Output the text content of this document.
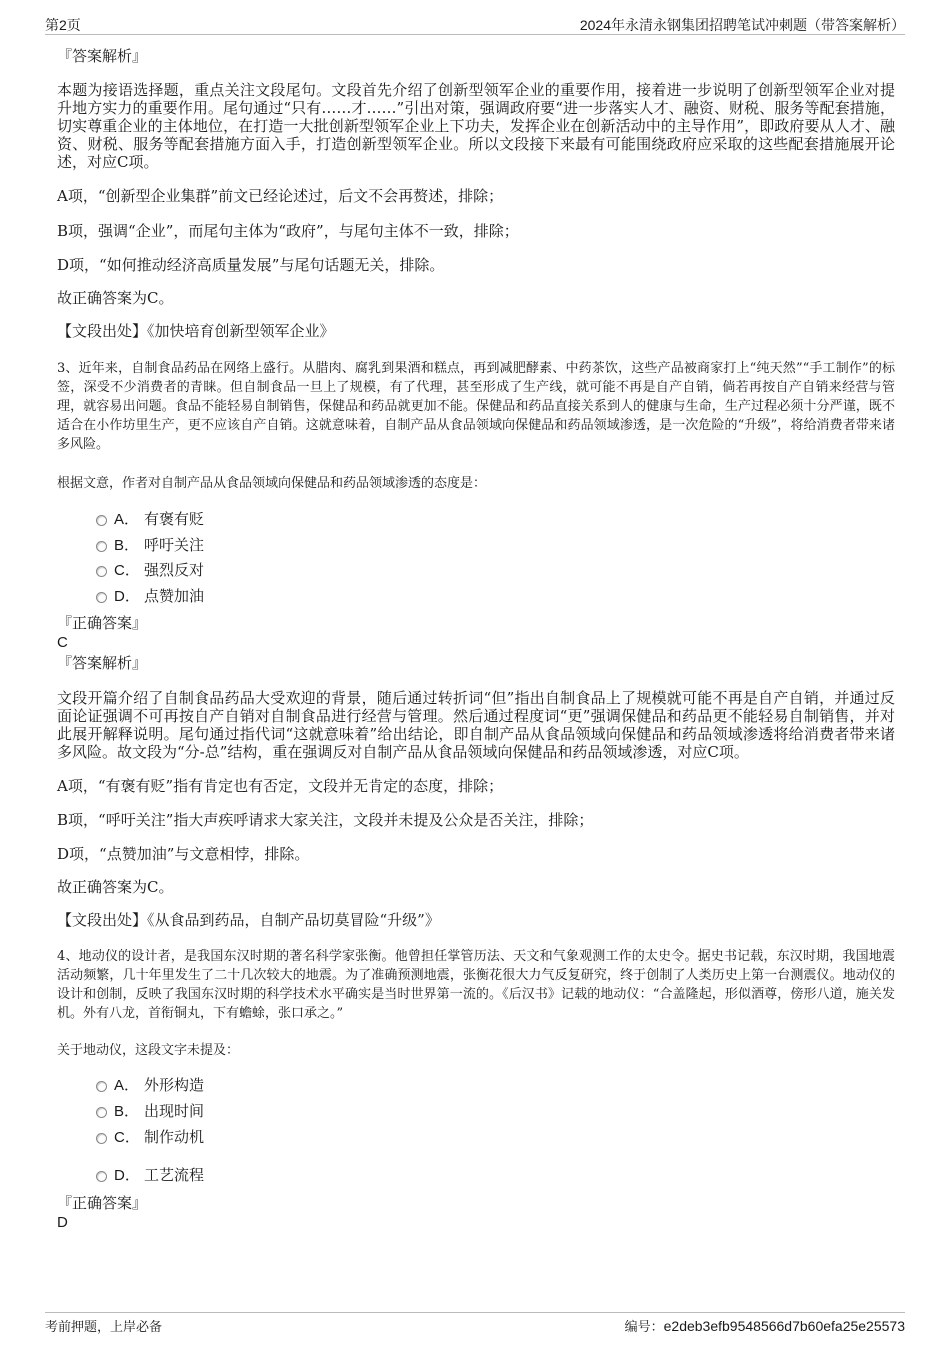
第2页	2024年永清永钢集团招聘笔试冲刺题（带答案解析）
『答案解析』
本题为接语选择题，重点关注文段尾句。文段首先介绍了创新型领军企业的重要作用，接着进一步说明了创新型领军企业对提升地方实力的重要作用。尾句通过“只有……才……”引出对策，强调政府要“进一步落实人才、融资、财税、服务等配套措施，切实尊重企业的主体地位，在打造一大批创新型领军企业上下功夫，发挥企业在创新活动中的主导作用”，即政府要从人才、融资、财税、服务等配套措施方面入手，打造创新型领军企业。所以文段接下来最有可能围绕政府应采取的这些配套措施展开论述，对应C项。
A项，“创新型企业集群”前文已经论述过，后文不会再赘述，排除；
B项，强调“企业”，而尾句主体为“政府”，与尾句主体不一致，排除；
D项，“如何推动经济高质量发展”与尾句话题无关，排除。
故正确答案为C。
【文段出处】《加快培育创新型领军企业》
3、近年来，自制食品药品在网络上盛行。从腊肉、腐乳到果酒和糕点，再到减肥酵素、中药茶饮，这些产品被商家打上“纯天然”“手工制作”的标签，深受不少消费者的青睐。但自制食品一旦上了规模，有了代理，甚至形成了生产线，就可能不再是自产自销，倘若再按自产自销来经营与管理，就容易出问题。食品不能轻易自制销售，保健品和药品就更加不能。保健品和药品直接关系到人的健康与生命，生产过程必须十分严谨，既不适合在小作坊里生产，更不应该自产自销。这就意味着，自制产品从食品领域向保健品和药品领域渗透，是一次危险的“升级”，将给消费者带来诸多风险。
根据文意，作者对自制产品从食品领域向保健品和药品领域渗透的态度是：
A． 有褒有贬
B． 呼吁关注
C． 强烈反对
D． 点赞加油
『正确答案』
C
『答案解析』
文段开篇介绍了自制食品药品大受欢迎的背景，随后通过转折词“但”指出自制食品上了规模就可能不再是自产自销，并通过反面论证强调不可再按自产自销对自制食品进行经营与管理。然后通过程度词“更”强调保健品和药品更不能轻易自制销售，并对此展开解释说明。尾句通过指代词“这就意味着”给出结论，即自制产品从食品领域向保健品和药品领域渗透将给消费者带来诸多风险。故文段为“分-总”结构，重在强调反对自制产品从食品领域向保健品和药品领域渗透，对应C项。
A项，“有褒有贬”指有肯定也有否定，文段并无肯定的态度，排除；
B项，“呼吁关注”指大声疾呼请求大家关注，文段并未提及公众是否关注，排除；
D项，“点赞加油”与文意相悖，排除。
故正确答案为C。
【文段出处】《从食品到药品，自制产品切莫冒险“升级”》
4、地动仪的设计者，是我国东汉时期的著名科学家张衡。他曾担任掌管历法、天文和气象观测工作的太史令。据史书记载，东汉时期，我国地震活动频繁，几十年里发生了二十几次较大的地震。为了准确预测地震，张衡花很大力气反复研究，终于创制了人类历史上第一台测震仪。地动仪的设计和创制，反映了我国东汉时期的科学技术水平确实是当时世界第一流的。《后汉书》记载的地动仪：“合盖隆起，形似酒尊，傍形八道，施关发机。外有八龙，首衔铜丸，下有蟾蜍，张口承之。”
关于地动仪，这段文字未提及：
A． 外形构造
B． 出现时间
C． 制作动机
D． 工艺流程
『正确答案』
D
考前押题，上岸必备	编号：e2deb3efb9548566d7b60efa25e25573
